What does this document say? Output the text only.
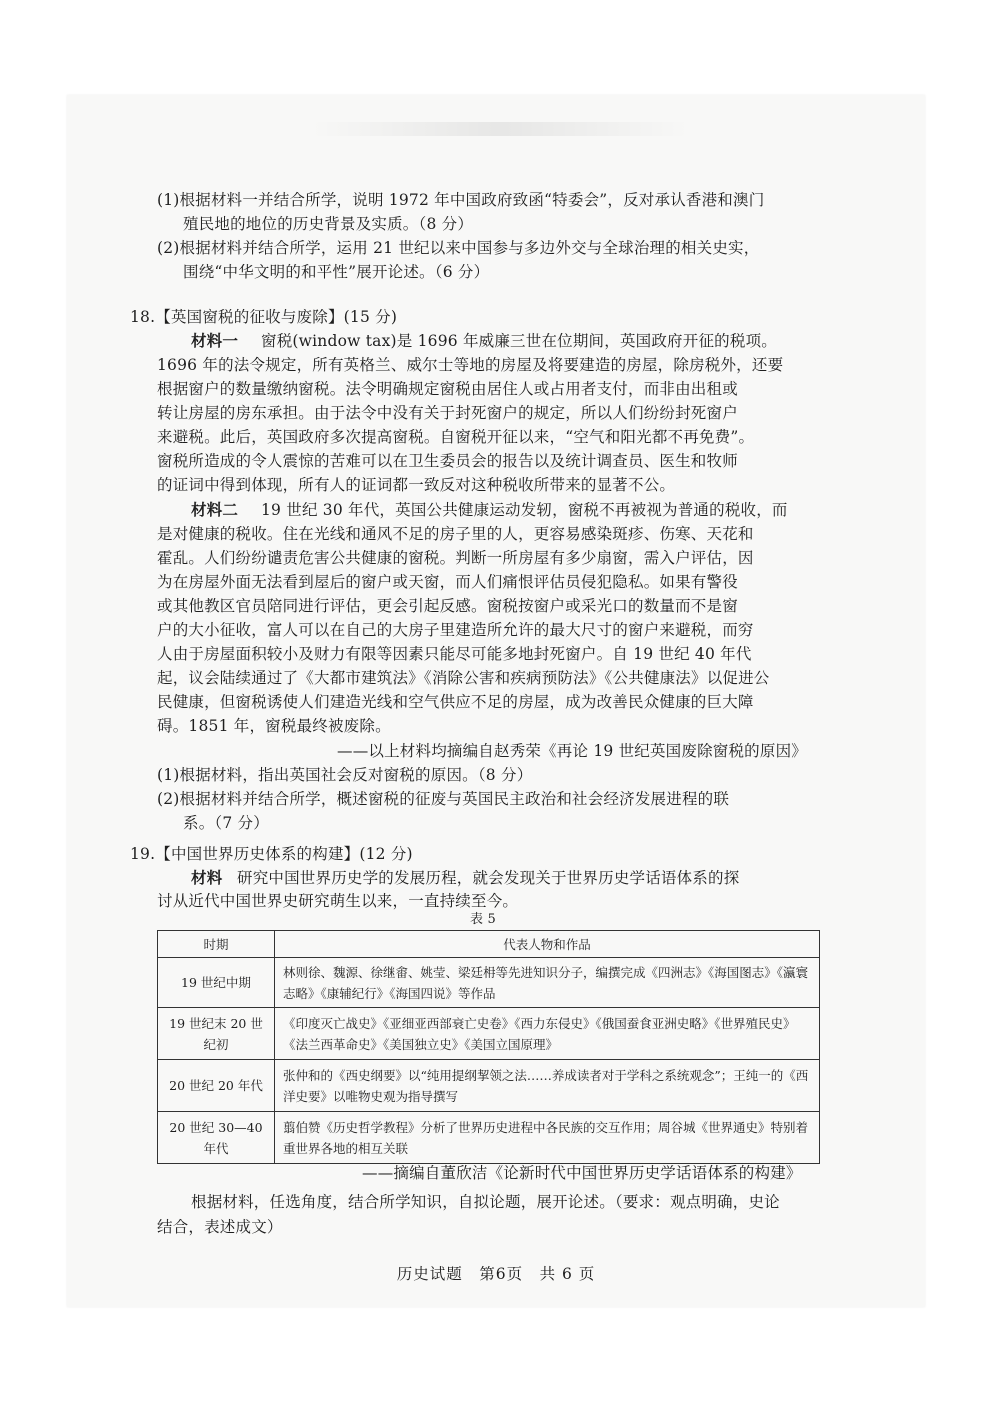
(1)根据材料一并结合所学，说明 1972 年中国政府致函“特委会”，反对承认香港和澳门
殖民地的地位的历史背景及实质。（8 分）
(2)根据材料并结合所学，运用 21 世纪以来中国参与多边外交与全球治理的相关史实，
围绕“中华文明的和平性”展开论述。（6 分）
18.【英国窗税的征收与废除】(15 分)
材料一 窗税(window tax)是 1696 年威廉三世在位期间，英国政府开征的税项。
1696 年的法令规定，所有英格兰、威尔士等地的房屋及将要建造的房屋，除房税外，还要
根据窗户的数量缴纳窗税。法令明确规定窗税由居住人或占用者支付，而非由出租或
转让房屋的房东承担。由于法令中没有关于封死窗户的规定，所以人们纷纷封死窗户
来避税。此后，英国政府多次提高窗税。自窗税开征以来，“空气和阳光都不再免费”。
窗税所造成的令人震惊的苦难可以在卫生委员会的报告以及统计调查员、医生和牧师
的证词中得到体现，所有人的证词都一致反对这种税收所带来的显著不公。
材料二 19 世纪 30 年代，英国公共健康运动发轫，窗税不再被视为普通的税收，而
是对健康的税收。住在光线和通风不足的房子里的人，更容易感染斑疹、伤寒、天花和
霍乱。人们纷纷谴责危害公共健康的窗税。判断一所房屋有多少扇窗，需入户评估，因
为在房屋外面无法看到屋后的窗户或天窗，而人们痛恨评估员侵犯隐私。如果有警役
或其他教区官员陪同进行评估，更会引起反感。窗税按窗户或采光口的数量而不是窗
户的大小征收，富人可以在自己的大房子里建造所允许的最大尺寸的窗户来避税，而穷
人由于房屋面积较小及财力有限等因素只能尽可能多地封死窗户。自 19 世纪 40 年代
起，议会陆续通过了《大都市建筑法》《消除公害和疾病预防法》《公共健康法》以促进公
民健康，但窗税诱使人们建造光线和空气供应不足的房屋，成为改善民众健康的巨大障
碍。1851 年，窗税最终被废除。
——以上材料均摘编自赵秀荣《再论 19 世纪英国废除窗税的原因》
(1)根据材料，指出英国社会反对窗税的原因。（8 分）
(2)根据材料并结合所学，概述窗税的征废与英国民主政治和社会经济发展进程的联
系。（7 分）
19.【中国世界历史体系的构建】(12 分)
材料 研究中国世界历史学的发展历程，就会发现关于世界历史学话语体系的探
讨从近代中国世界史研究萌生以来，一直持续至今。
表 5
时期	代表人物和作品
19 世纪中期	林则徐、魏源、徐继畬、姚莹、梁廷枏等先进知识分子，编撰完成《四洲志》《海国图志》《瀛寰志略》《康辅纪行》《海国四说》等作品
19 世纪末 20 世纪初	《印度灭亡战史》《亚细亚西部衰亡史卷》《西力东侵史》《俄国蚕食亚洲史略》《世界殖民史》《法兰西革命史》《美国独立史》《美国立国原理》
20 世纪 20 年代	张仲和的《西史纲要》以“纯用提纲挈领之法……养成读者对于学科之系统观念”；王纯一的《西洋史要》以唯物史观为指导撰写
20 世纪 30—40 年代	翦伯赞《历史哲学教程》分析了世界历史进程中各民族的交互作用；周谷城《世界通史》特别着重世界各地的相互关联
——摘编自董欣洁《论新时代中国世界历史学话语体系的构建》
根据材料，任选角度，结合所学知识，自拟论题，展开论述。（要求：观点明确，史论
结合，表述成文）
历史试题　第6页　共 6 页
